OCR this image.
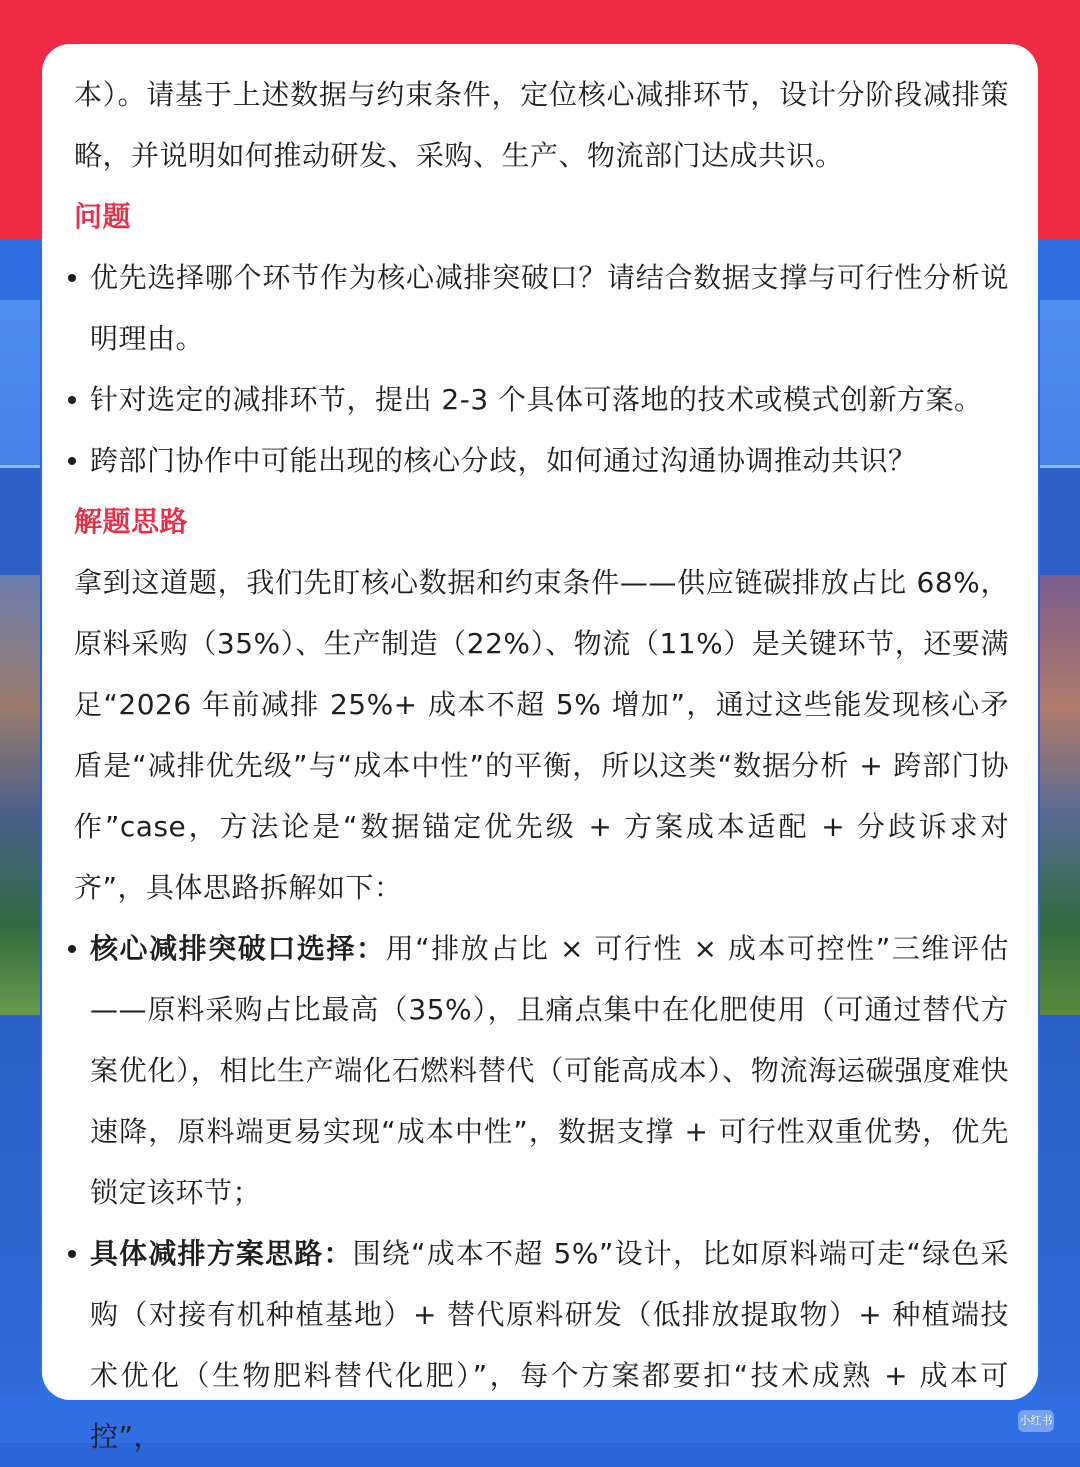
小红书

本）。请基于上述数据与约束条件，定位核心减排环节，设计分阶段减排策略，并说明如何推动研发、采购、生产、物流部门达成共识。

问题
优先选择哪个环节作为核心减排突破口？请结合数据支撑与可行性分析说明理由。
针对选定的减排环节，提出 2-3 个具体可落地的技术或模式创新方案。
跨部门协作中可能出现的核心分歧，如何通过沟通协调推动共识？
解题思路

拿到这道题，我们先盯核心数据和约束条件——供应链碳排放占比 68%，原料采购（35%）、生产制造（22%）、物流（11%）是关键环节，还要满足“2026 年前减排 25%+ 成本不超 5% 增加”，通过这些能发现核心矛盾是“减排优先级”与“成本中性”的平衡，所以这类“数据分析 + 跨部门协作”case，方法论是“数据锚定优先级 + 方案成本适配 + 分歧诉求对齐”，具体思路拆解如下：

核心减排突破口选择：用“排放占比 × 可行性 × 成本可控性”三维评估——原料采购占比最高（35%），且痛点集中在化肥使用（可通过替代方案优化），相比生产端化石燃料替代（可能高成本）、物流海运碳强度难快速降，原料端更易实现“成本中性”，数据支撑 + 可行性双重优势，优先锁定该环节；
具体减排方案思路：围绕“成本不超 5%”设计，比如原料端可走“绿色采购（对接有机种植基地）+ 替代原料研发（低排放提取物）+ 种植端技术优化（生物肥料替代化肥）”，每个方案都要扣“技术成熟 + 成本可控”，
